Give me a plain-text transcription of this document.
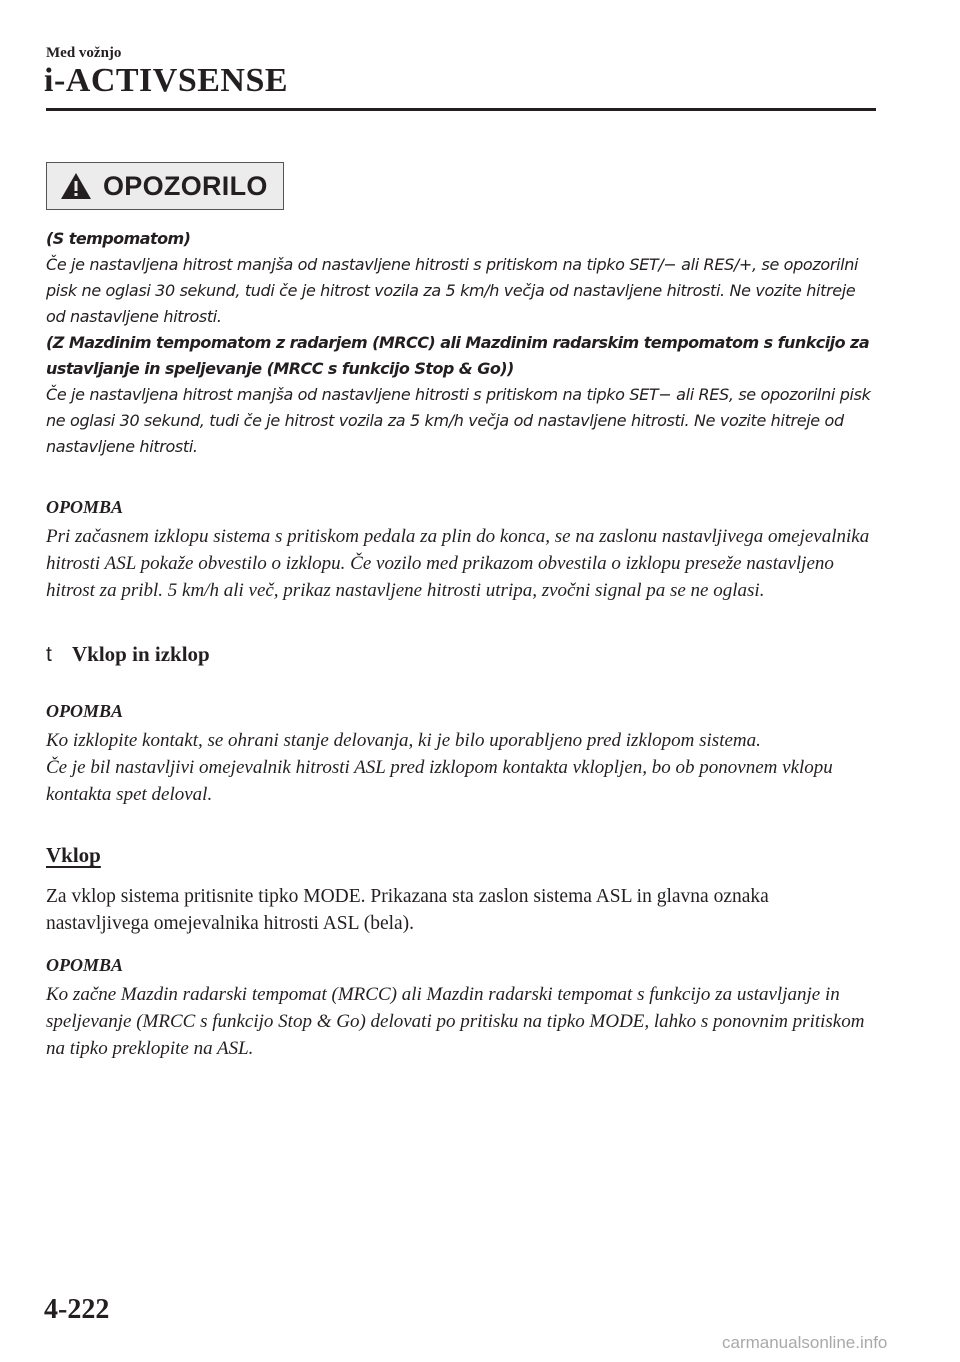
Med vožnjo
i-ACTIVSENSE
OPOZORILO

(S tempomatom)

Če je nastavljena hitrost manjša od nastavljene hitrosti s pritiskom na tipko SET/− ali RES/+, se opozorilni pisk ne oglasi 30 sekund, tudi če je hitrost vozila za 5 km/h večja od nastavljene hitrosti. Ne vozite hitreje od nastavljene hitrosti.

(Z Mazdinim tempomatom z radarjem (MRCC) ali Mazdinim radarskim tempomatom s funkcijo za ustavljanje in speljevanje (MRCC s funkcijo Stop & Go))

Če je nastavljena hitrost manjša od nastavljene hitrosti s pritiskom na tipko SET− ali RES, se opozorilni pisk ne oglasi 30 sekund, tudi če je hitrost vozila za 5 km/h večja od nastavljene hitrosti. Ne vozite hitreje od nastavljene hitrosti.

OPOMBA

Pri začasnem izklopu sistema s pritiskom pedala za plin do konca, se na zaslonu nastavljivega omejevalnika hitrosti ASL pokaže obvestilo o izklopu. Če vozilo med prikazom obvestila o izklopu preseže nastavljeno hitrost za pribl. 5 km/h ali več, prikaz nastavljene hitrosti utripa, zvočni signal pa se ne oglasi.

t Vklop in izklop

OPOMBA

Ko izklopite kontakt, se ohrani stanje delovanja, ki je bilo uporabljeno pred izklopom sistema.

Če je bil nastavljivi omejevalnik hitrosti ASL pred izklopom kontakta vklopljen, bo ob ponovnem vklopu kontakta spet deloval.

Vklop

Za vklop sistema pritisnite tipko MODE. Prikazana sta zaslon sistema ASL in glavna oznaka nastavljivega omejevalnika hitrosti ASL (bela).

OPOMBA

Ko začne Mazdin radarski tempomat (MRCC) ali Mazdin radarski tempomat s funkcijo za ustavljanje in speljevanje (MRCC s funkcijo Stop & Go) delovati po pritisku na tipko MODE, lahko s ponovnim pritiskom na tipko preklopite na ASL.

4-222
carmanualsonline.info
